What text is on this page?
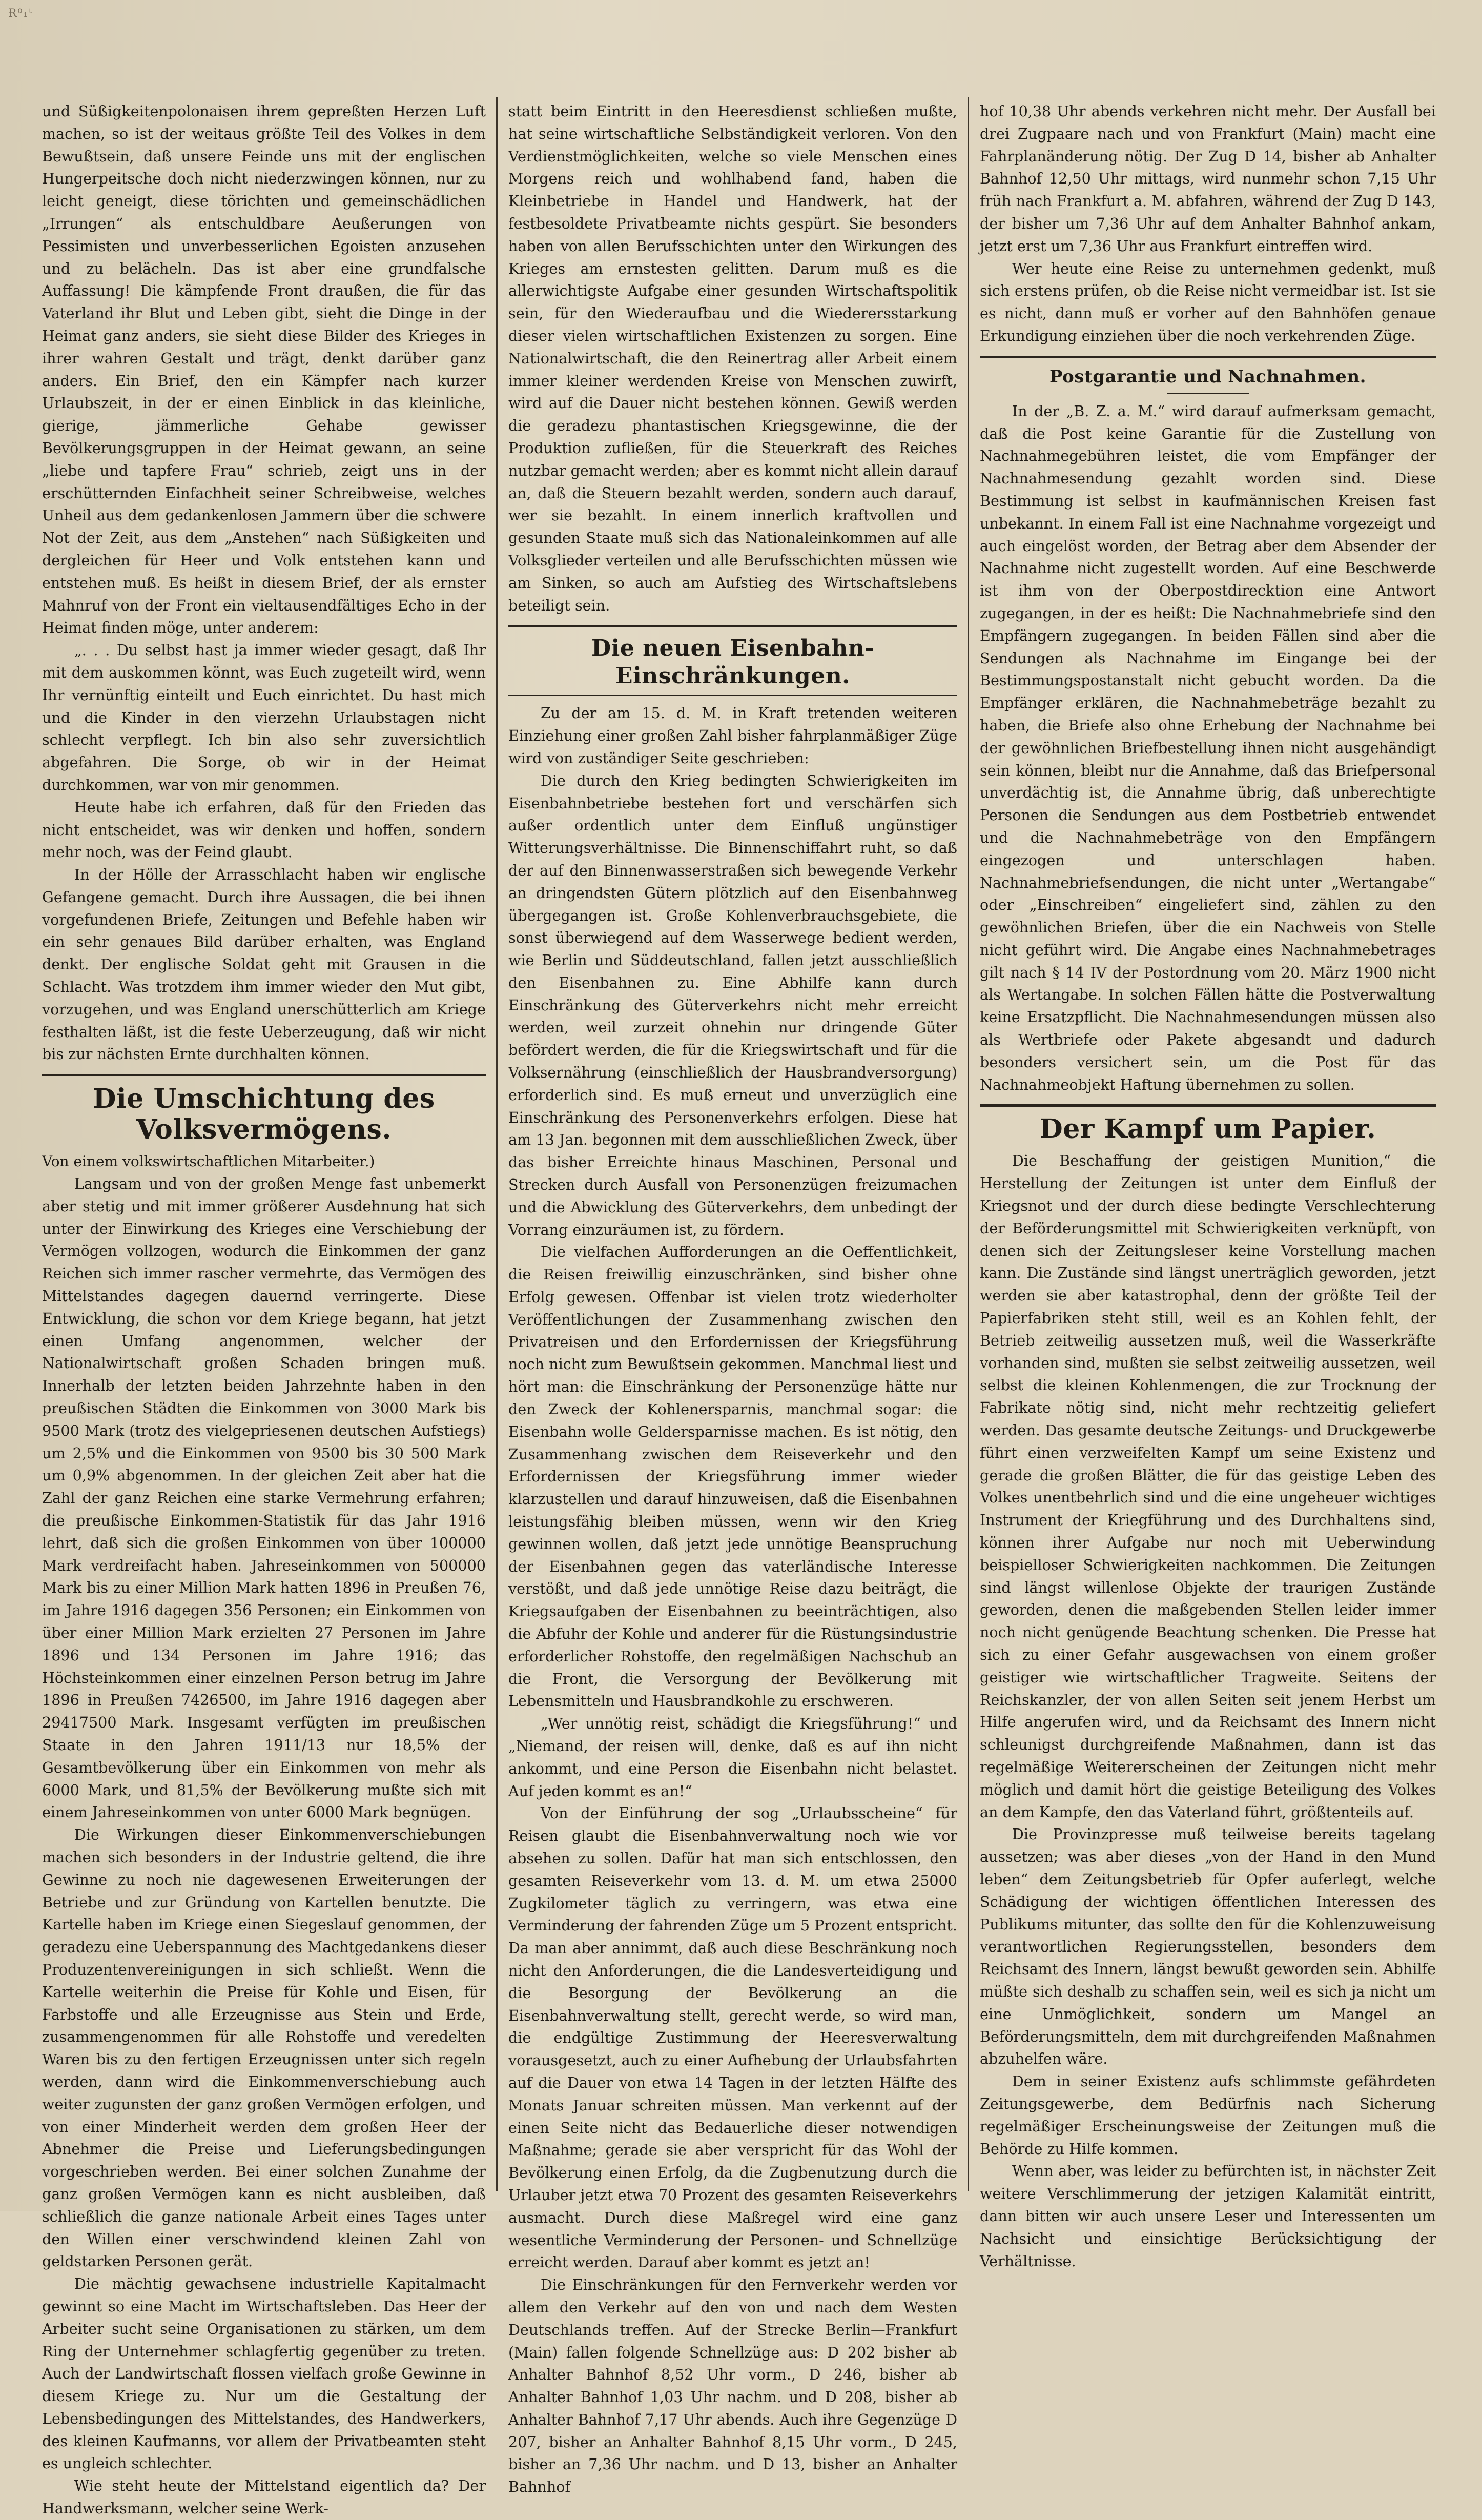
Ɍ⁰₁ᵗ

und Süßigkeitenpolonaisen ihrem gepreßten Herzen Luft machen, so ist der weitaus größte Teil des Volkes in dem Bewußtsein, daß unsere Feinde uns mit der englischen Hungerpeitsche doch nicht niederzwingen können, nur zu leicht geneigt, diese törichten und gemeinschädlichen „Irrungen“ als entschuldbare Aeußerungen von Pessimisten und unverbesserlichen Egoisten anzusehen und zu belächeln. Das ist aber eine grundfalsche Auffassung! Die kämpfende Front draußen, die für das Vaterland ihr Blut und Leben gibt, sieht die Dinge in der Heimat ganz anders, sie sieht diese Bilder des Krieges in ihrer wahren Gestalt und trägt, denkt darüber ganz anders. Ein Brief, den ein Kämpfer nach kurzer Urlaubszeit, in der er einen Einblick in das kleinliche, gierige, jämmerliche Gehabe gewisser Bevölkerungsgruppen in der Heimat gewann, an seine „liebe und tapfere Frau“ schrieb, zeigt uns in der erschütternden Einfachheit seiner Schreibweise, welches Unheil aus dem gedankenlosen Jammern über die schwere Not der Zeit, aus dem „Anstehen“ nach Süßigkeiten und dergleichen für Heer und Volk entstehen kann und entstehen muß. Es heißt in diesem Brief, der als ernster Mahnruf von der Front ein vieltausendfältiges Echo in der Heimat finden möge, unter anderem:

„. . . Du selbst hast ja immer wieder gesagt, daß Ihr mit dem auskommen könnt, was Euch zugeteilt wird, wenn Ihr vernünftig einteilt und Euch einrichtet. Du hast mich und die Kinder in den vierzehn Urlaubstagen nicht schlecht verpflegt. Ich bin also sehr zuversichtlich abgefahren. Die Sorge, ob wir in der Heimat durchkommen, war von mir genommen.

Heute habe ich erfahren, daß für den Frieden das nicht entscheidet, was wir denken und hoffen, sondern mehr noch, was der Feind glaubt.

In der Hölle der Arrasschlacht haben wir englische Gefangene gemacht. Durch ihre Aussagen, die bei ihnen vorgefundenen Briefe, Zeitungen und Befehle haben wir ein sehr genaues Bild darüber erhalten, was England denkt. Der englische Soldat geht mit Grausen in die Schlacht. Was trotzdem ihm immer wieder den Mut gibt, vorzugehen, und was England unerschütterlich am Kriege festhalten läßt, ist die feste Ueberzeugung, daß wir nicht bis zur nächsten Ernte durchhalten können.

Die Umschichtung des Volksvermögens.

Von einem volkswirtschaftlichen Mitarbeiter.)

Langsam und von der großen Menge fast unbemerkt aber stetig und mit immer größerer Ausdehnung hat sich unter der Einwirkung des Krieges eine Verschiebung der Vermögen vollzogen, wodurch die Einkommen der ganz Reichen sich immer rascher vermehrte, das Vermögen des Mittelstandes dagegen dauernd verringerte. Diese Entwicklung, die schon vor dem Kriege begann, hat jetzt einen Umfang angenommen, welcher der Nationalwirtschaft großen Schaden bringen muß. Innerhalb der letzten beiden Jahrzehnte haben in den preußischen Städten die Einkommen von 3000 Mark bis 9500 Mark (trotz des vielgepriesenen deutschen Aufstiegs) um 2,5% und die Einkommen von 9500 bis 30 500 Mark um 0,9% abgenommen. In der gleichen Zeit aber hat die Zahl der ganz Reichen eine starke Vermehrung erfahren; die preußische Einkommen-Statistik für das Jahr 1916 lehrt, daß sich die großen Einkommen von über 100000 Mark verdreifacht haben. Jahreseinkommen von 500000 Mark bis zu einer Million Mark hatten 1896 in Preußen 76, im Jahre 1916 dagegen 356 Personen; ein Einkommen von über einer Million Mark erzielten 27 Personen im Jahre 1896 und 134 Personen im Jahre 1916; das Höchsteinkommen einer einzelnen Person betrug im Jahre 1896 in Preußen 7426500, im Jahre 1916 dagegen aber 29417500 Mark. Insgesamt verfügten im preußischen Staate in den Jahren 1911/13 nur 18,5% der Gesamtbevölkerung über ein Einkommen von mehr als 6000 Mark, und 81,5% der Bevölkerung mußte sich mit einem Jahreseinkommen von unter 6000 Mark begnügen.

Die Wirkungen dieser Einkommenverschiebungen machen sich besonders in der Industrie geltend, die ihre Gewinne zu noch nie dagewesenen Erweiterungen der Betriebe und zur Gründung von Kartellen benutzte. Die Kartelle haben im Kriege einen Siegeslauf genommen, der geradezu eine Ueberspannung des Machtgedankens dieser Produzentenvereinigungen in sich schließt. Wenn die Kartelle weiterhin die Preise für Kohle und Eisen, für Farbstoffe und alle Erzeugnisse aus Stein und Erde, zusammengenommen für alle Rohstoffe und veredelten Waren bis zu den fertigen Erzeugnissen unter sich regeln werden, dann wird die Einkommenverschiebung auch weiter zugunsten der ganz großen Vermögen erfolgen, und von einer Minderheit werden dem großen Heer der Abnehmer die Preise und Lieferungsbedingungen vorgeschrieben werden. Bei einer solchen Zunahme der ganz großen Vermögen kann es nicht ausbleiben, daß schließlich die ganze nationale Arbeit eines Tages unter den Willen einer verschwindend kleinen Zahl von geldstarken Personen gerät.

Die mächtig gewachsene industrielle Kapitalmacht gewinnt so eine Macht im Wirtschaftsleben. Das Heer der Arbeiter sucht seine Organisationen zu stärken, um dem Ring der Unternehmer schlagfertig gegenüber zu treten. Auch der Landwirtschaft flossen vielfach große Gewinne in diesem Kriege zu. Nur um die Gestaltung der Lebensbedingungen des Mittelstandes, des Handwerkers, des kleinen Kaufmanns, vor allem der Privatbeamten steht es ungleich schlechter.

Wie steht heute der Mittelstand eigentlich da? Der Handwerksmann, welcher seine Werk-

statt beim Eintritt in den Heeresdienst schließen mußte, hat seine wirtschaftliche Selbständigkeit verloren. Von den Verdienstmöglichkeiten, welche so viele Menschen eines Morgens reich und wohlhabend fand, haben die Kleinbetriebe in Handel und Handwerk, hat der festbesoldete Privatbeamte nichts gespürt. Sie besonders haben von allen Berufsschichten unter den Wirkungen des Krieges am ernstesten gelitten. Darum muß es die allerwichtigste Aufgabe einer gesunden Wirtschaftspolitik sein, für den Wiederaufbau und die Wiederersstarkung dieser vielen wirtschaftlichen Existenzen zu sorgen. Eine Nationalwirtschaft, die den Reinertrag aller Arbeit einem immer kleiner werdenden Kreise von Menschen zuwirft, wird auf die Dauer nicht bestehen können. Gewiß werden die geradezu phantastischen Kriegsgewinne, die der Produktion zufließen, für die Steuerkraft des Reiches nutzbar gemacht werden; aber es kommt nicht allein darauf an, daß die Steuern bezahlt werden, sondern auch darauf, wer sie bezahlt. In einem innerlich kraftvollen und gesunden Staate muß sich das Nationaleinkommen auf alle Volksglieder verteilen und alle Berufsschichten müssen wie am Sinken, so auch am Aufstieg des Wirtschaftslebens beteiligt sein.

Die neuen Eisenbahn-Einschränkungen.

Zu der am 15. d. M. in Kraft tretenden weiteren Einziehung einer großen Zahl bisher fahrplanmäßiger Züge wird von zuständiger Seite geschrieben:

Die durch den Krieg bedingten Schwierigkeiten im Eisenbahnbetriebe bestehen fort und verschärfen sich außer ordentlich unter dem Einfluß ungünstiger Witterungsverhältnisse. Die Binnenschiffahrt ruht, so daß der auf den Binnenwasserstraßen sich bewegende Verkehr an dringendsten Gütern plötzlich auf den Eisenbahnweg übergegangen ist. Große Kohlenverbrauchsgebiete, die sonst überwiegend auf dem Wasserwege bedient werden, wie Berlin und Süddeutschland, fallen jetzt ausschließlich den Eisenbahnen zu. Eine Abhilfe kann durch Einschränkung des Güterverkehrs nicht mehr erreicht werden, weil zurzeit ohnehin nur dringende Güter befördert werden, die für die Kriegswirtschaft und für die Volksernährung (einschließlich der Hausbrandversorgung) erforderlich sind. Es muß erneut und unverzüglich eine Einschränkung des Personenverkehrs erfolgen. Diese hat am 13 Jan. begonnen mit dem ausschließlichen Zweck, über das bisher Erreichte hinaus Maschinen, Personal und Strecken durch Ausfall von Personenzügen freizumachen und die Abwicklung des Güterverkehrs, dem unbedingt der Vorrang einzuräumen ist, zu fördern.

Die vielfachen Aufforderungen an die Oeffentlichkeit, die Reisen freiwillig einzuschränken, sind bisher ohne Erfolg gewesen. Offenbar ist vielen trotz wiederholter Veröffentlichungen der Zusammenhang zwischen den Privatreisen und den Erfordernissen der Kriegsführung noch nicht zum Bewußtsein gekommen. Manchmal liest und hört man: die Einschränkung der Personenzüge hätte nur den Zweck der Kohlenersparnis, manchmal sogar: die Eisenbahn wolle Geldersparnisse machen. Es ist nötig, den Zusammenhang zwischen dem Reiseverkehr und den Erfordernissen der Kriegsführung immer wieder klarzustellen und darauf hinzuweisen, daß die Eisenbahnen leistungsfähig bleiben müssen, wenn wir den Krieg gewinnen wollen, daß jetzt jede unnötige Beanspruchung der Eisenbahnen gegen das vaterländische Interesse verstößt, und daß jede unnötige Reise dazu beiträgt, die Kriegsaufgaben der Eisenbahnen zu beeinträchtigen, also die Abfuhr der Kohle und anderer für die Rüstungsindustrie erforderlicher Rohstoffe, den regelmäßigen Nachschub an die Front, die Versorgung der Bevölkerung mit Lebensmitteln und Hausbrandkohle zu erschweren.

„Wer unnötig reist, schädigt die Kriegsführung!“ und „Niemand, der reisen will, denke, daß es auf ihn nicht ankommt, und eine Person die Eisenbahn nicht belastet. Auf jeden kommt es an!“

Von der Einführung der sog „Urlaubsscheine“ für Reisen glaubt die Eisenbahnverwaltung noch wie vor absehen zu sollen. Dafür hat man sich entschlossen, den gesamten Reiseverkehr vom 13. d. M. um etwa 25000 Zugkilometer täglich zu verringern, was etwa eine Verminderung der fahrenden Züge um 5 Prozent entspricht. Da man aber annimmt, daß auch diese Beschränkung noch nicht den Anforderungen, die die Landesverteidigung und die Besorgung der Bevölkerung an die Eisenbahnverwaltung stellt, gerecht werde, so wird man, die endgültige Zustimmung der Heeresverwaltung vorausgesetzt, auch zu einer Aufhebung der Urlaubsfahrten auf die Dauer von etwa 14 Tagen in der letzten Hälfte des Monats Januar schreiten müssen. Man verkennt auf der einen Seite nicht das Bedauerliche dieser notwendigen Maßnahme; gerade sie aber verspricht für das Wohl der Bevölkerung einen Erfolg, da die Zugbenutzung durch die Urlauber jetzt etwa 70 Prozent des gesamten Reiseverkehrs ausmacht. Durch diese Maßregel wird eine ganz wesentliche Verminderung der Personen- und Schnellzüge erreicht werden. Darauf aber kommt es jetzt an!

Die Einschränkungen für den Fernverkehr werden vor allem den Verkehr auf den von und nach dem Westen Deutschlands treffen. Auf der Strecke Berlin—Frankfurt (Main) fallen folgende Schnellzüge aus: D 202 bisher ab Anhalter Bahnhof 8,52 Uhr vorm., D 246, bisher ab Anhalter Bahnhof 1,03 Uhr nachm. und D 208, bisher ab Anhalter Bahnhof 7,17 Uhr abends. Auch ihre Gegenzüge D 207, bisher an Anhalter Bahnhof 8,15 Uhr vorm., D 245, bisher an 7,36 Uhr nachm. und D 13, bisher an Anhalter Bahnhof

hof 10,38 Uhr abends verkehren nicht mehr. Der Ausfall bei drei Zugpaare nach und von Frankfurt (Main) macht eine Fahrplanänderung nötig. Der Zug D 14, bisher ab Anhalter Bahnhof 12,50 Uhr mittags, wird nunmehr schon 7,15 Uhr früh nach Frankfurt a. M. abfahren, während der Zug D 143, der bisher um 7,36 Uhr auf dem Anhalter Bahnhof ankam, jetzt erst um 7,36 Uhr aus Frankfurt eintreffen wird.

Wer heute eine Reise zu unternehmen gedenkt, muß sich erstens prüfen, ob die Reise nicht vermeidbar ist. Ist sie es nicht, dann muß er vorher auf den Bahnhöfen genaue Erkundigung einziehen über die noch verkehrenden Züge.

Postgarantie und Nachnahmen.

In der „B. Z. a. M.“ wird darauf aufmerksam gemacht, daß die Post keine Garantie für die Zustellung von Nachnahmegebühren leistet, die vom Empfänger der Nachnahmesendung gezahlt worden sind. Diese Bestimmung ist selbst in kaufmännischen Kreisen fast unbekannt. In einem Fall ist eine Nachnahme vorgezeigt und auch eingelöst worden, der Betrag aber dem Absender der Nachnahme nicht zugestellt worden. Auf eine Beschwerde ist ihm von der Oberpostdirecktion eine Antwort zugegangen, in der es heißt: Die Nachnahmebriefe sind den Empfängern zugegangen. In beiden Fällen sind aber die Sendungen als Nachnahme im Eingange bei der Bestimmungspostanstalt nicht gebucht worden. Da die Empfänger erklären, die Nachnahmebeträge bezahlt zu haben, die Briefe also ohne Erhebung der Nachnahme bei der gewöhnlichen Briefbestellung ihnen nicht ausgehändigt sein können, bleibt nur die Annahme, daß das Briefpersonal unverdächtig ist, die Annahme übrig, daß unberechtigte Personen die Sendungen aus dem Postbetrieb entwendet und die Nachnahmebeträge von den Empfängern eingezogen und unterschlagen haben. Nachnahmebriefsendungen, die nicht unter „Wertangabe“ oder „Einschreiben“ eingeliefert sind, zählen zu den gewöhnlichen Briefen, über die ein Nachweis von Stelle nicht geführt wird. Die Angabe eines Nachnahmebetrages gilt nach § 14 IV der Postordnung vom 20. März 1900 nicht als Wertangabe. In solchen Fällen hätte die Postverwaltung keine Ersatzpflicht. Die Nachnahmesendungen müssen also als Wertbriefe oder Pakete abgesandt und dadurch besonders versichert sein, um die Post für das Nachnahmeobjekt Haftung übernehmen zu sollen.

Der Kampf um Papier.

Die Beschaffung der geistigen Munition,“ die Herstellung der Zeitungen ist unter dem Einfluß der Kriegsnot und der durch diese bedingte Verschlechterung der Beförderungsmittel mit Schwierigkeiten verknüpft, von denen sich der Zeitungsleser keine Vorstellung machen kann. Die Zustände sind längst unerträglich geworden, jetzt werden sie aber katastrophal, denn der größte Teil der Papierfabriken steht still, weil es an Kohlen fehlt, der Betrieb zeitweilig aussetzen muß, weil die Wasserkräfte vorhanden sind, mußten sie selbst zeitweilig aussetzen, weil selbst die kleinen Kohlenmengen, die zur Trocknung der Fabrikate nötig sind, nicht mehr rechtzeitig geliefert werden. Das gesamte deutsche Zeitungs- und Druckgewerbe führt einen verzweifelten Kampf um seine Existenz und gerade die großen Blätter, die für das geistige Leben des Volkes unentbehrlich sind und die eine ungeheuer wichtiges Instrument der Kriegführung und des Durchhaltens sind, können ihrer Aufgabe nur noch mit Ueberwindung beispielloser Schwierigkeiten nachkommen. Die Zeitungen sind längst willenlose Objekte der traurigen Zustände geworden, denen die maßgebenden Stellen leider immer noch nicht genügende Beachtung schenken. Die Presse hat sich zu einer Gefahr ausgewachsen von einem großer geistiger wie wirtschaftlicher Tragweite. Seitens der Reichskanzler, der von allen Seiten seit jenem Herbst um Hilfe angerufen wird, und da Reichsamt des Innern nicht schleunigst durchgreifende Maßnahmen, dann ist das regelmäßige Weitererscheinen der Zeitungen nicht mehr möglich und damit hört die geistige Beteiligung des Volkes an dem Kampfe, den das Vaterland führt, größtenteils auf.

Die Provinzpresse muß teilweise bereits tagelang aussetzen; was aber dieses „von der Hand in den Mund leben“ dem Zeitungsbetrieb für Opfer auferlegt, welche Schädigung der wichtigen öffentlichen Interessen des Publikums mitunter, das sollte den für die Kohlenzuweisung verantwortlichen Regierungsstellen, besonders dem Reichsamt des Innern, längst bewußt geworden sein. Abhilfe müßte sich deshalb zu schaffen sein, weil es sich ja nicht um eine Unmöglichkeit, sondern um Mangel an Beförderungsmitteln, dem mit durchgreifenden Maßnahmen abzuhelfen wäre.

Dem in seiner Existenz aufs schlimmste gefährdeten Zeitungsgewerbe, dem Bedürfnis nach Sicherung regelmäßiger Erscheinungsweise der Zeitungen muß die Behörde zu Hilfe kommen.

Wenn aber, was leider zu befürchten ist, in nächster Zeit weitere Verschlimmerung der jetzigen Kalamität eintritt, dann bitten wir auch unsere Leser und Interessenten um Nachsicht und einsichtige Berücksichtigung der Verhältnisse.
